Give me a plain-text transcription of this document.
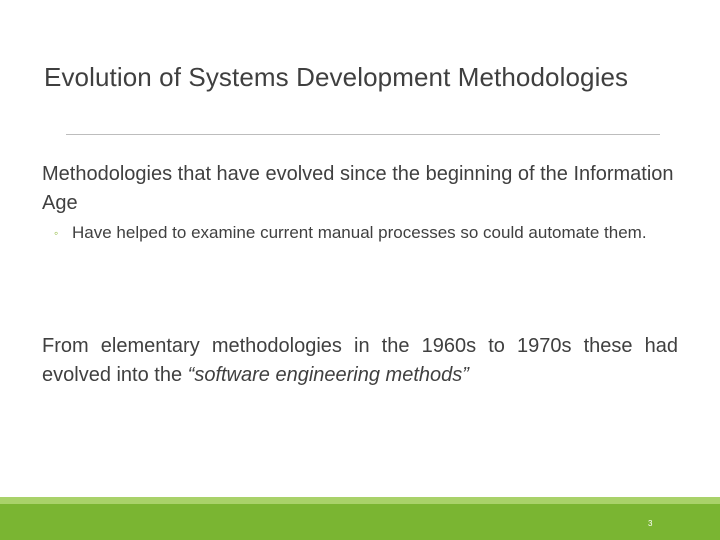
Evolution of Systems Development Methodologies
Methodologies that have evolved since the beginning of the Information Age
◦ Have helped to examine current manual processes so could automate them.
From elementary methodologies in the 1960s to 1970s these had evolved into the “software engineering methods”
3
